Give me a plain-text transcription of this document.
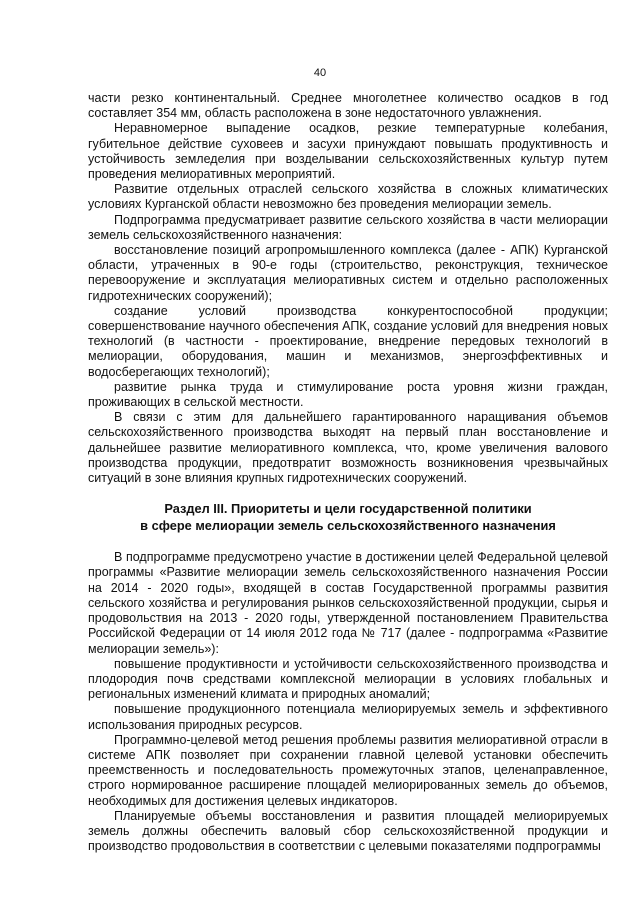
40

части резко континентальный. Среднее многолетнее количество осадков в год составляет 354 мм, область расположена в зоне недостаточного увлажнения.

Неравномерное выпадение осадков, резкие температурные колебания, губительное действие суховеев и засухи принуждают повышать продуктивность и устойчивость земледелия при возделывании сельскохозяйственных культур путем проведения мелиоративных мероприятий.

Развитие отдельных отраслей сельского хозяйства в сложных климатических условиях Курганской области невозможно без проведения мелиорации земель.

Подпрограмма предусматривает развитие сельского хозяйства в части мелиорации земель сельскохозяйственного назначения:

восстановление позиций агропромышленного комплекса (далее - АПК) Курганской области, утраченных в 90-е годы (строительство, реконструкция, техническое перевооружение и эксплуатация мелиоративных систем и отдельно расположенных гидротехнических сооружений);

создание условий производства конкурентоспособной продукции;

совершенствование научного обеспечения АПК, создание условий для внедрения новых технологий (в частности - проектирование, внедрение передовых технологий в мелиорации, оборудования, машин и механизмов, энергоэффективных и водосберегающих технологий);

развитие рынка труда и стимулирование роста уровня жизни граждан, проживающих в сельской местности.

В связи с этим для дальнейшего гарантированного наращивания объемов сельскохозяйственного производства выходят на первый план восстановление и дальнейшее развитие мелиоративного комплекса, что, кроме увеличения валового производства продукции, предотвратит возможность возникновения чрезвычайных ситуаций в зоне влияния крупных гидротехнических сооружений.

Раздел III. Приоритеты и цели государственной политики

в сфере мелиорации земель сельскохозяйственного назначения

В подпрограмме предусмотрено участие в достижении целей Федеральной целевой программы «Развитие мелиорации земель сельскохозяйственного назначения России на 2014 - 2020 годы», входящей в состав Государственной программы развития сельского хозяйства и регулирования рынков сельскохозяйственной продукции, сырья и продовольствия на 2013 - 2020 годы, утвержденной постановлением Правительства Российской Федерации от 14 июля 2012 года № 717 (далее - подпрограмма «Развитие мелиорации земель»):

повышение продуктивности и устойчивости сельскохозяйственного производства и плодородия почв средствами комплексной мелиорации в условиях глобальных и региональных изменений климата и природных аномалий;

повышение продукционного потенциала мелиорируемых земель и эффективного использования природных ресурсов.

Программно-целевой метод решения проблемы развития мелиоративной отрасли в системе АПК позволяет при сохранении главной целевой установки обеспечить преемственность и последовательность промежуточных этапов, целенаправленное, строго нормированное расширение площадей мелиорированных земель до объемов, необходимых для достижения целевых индикаторов.

Планируемые объемы восстановления и развития площадей мелиорируемых земель должны обеспечить валовый сбор сельскохозяйственной продукции и производство продовольствия в соответствии с целевыми показателями подпрограммы
